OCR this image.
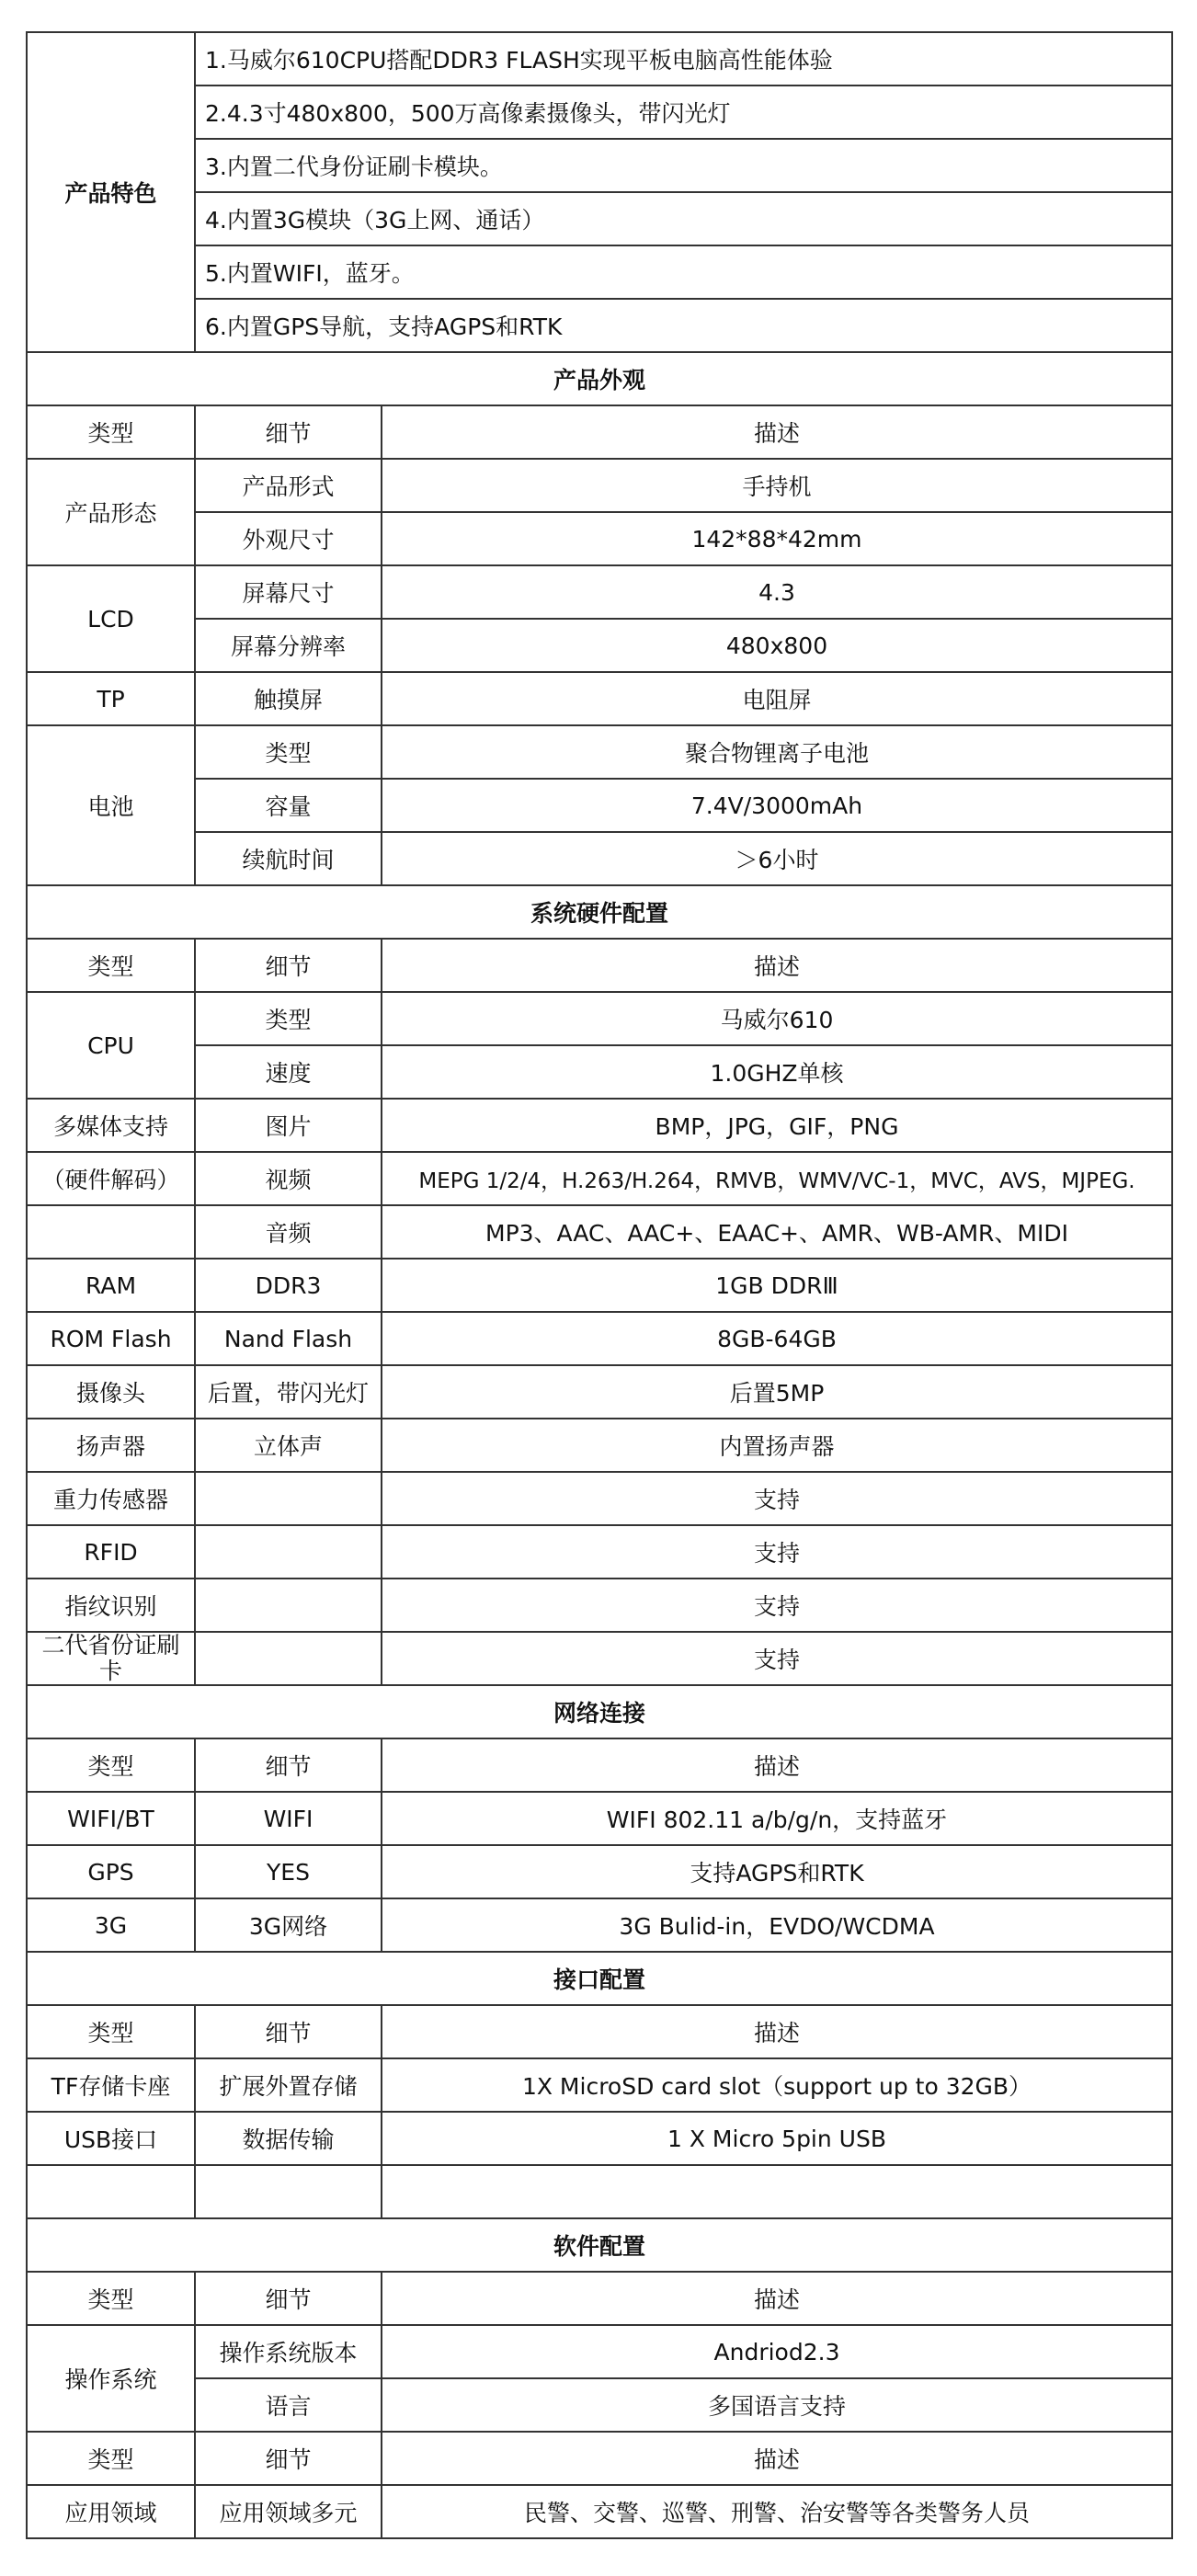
产品特色	1.马威尔610CPU搭配DDR3 FLASH实现平板电脑高性能体验	
	2.4.3寸480x800，500万高像素摄像头，带闪光灯	
	3.内置二代身份证刷卡模块。	
	4.内置3G模块（3G上网、通话）	
	5.内置WIFI，蓝牙。	
	6.内置GPS导航，支持AGPS和RTK	
产品外观		
类型	细节	描述
产品形态	产品形式	手持机
	外观尺寸	142*88*42mm
LCD	屏幕尺寸	4.3
	屏幕分辨率	480x800
TP	触摸屏	电阻屏
电池	类型	聚合物锂离子电池
	容量	7.4V/3000mAh
	续航时间	＞6小时
系统硬件配置		
类型	细节	描述
CPU	类型	马威尔610
	速度	1.0GHZ单核
多媒体支持	图片	BMP，JPG，GIF，PNG
（硬件解码）	视频	MEPG 1/2/4，H.263/H.264，RMVB，WMV/VC-1，MVC，AVS，MJPEG.
	音频	MP3、AAC、AAC+、EAAC+、AMR、WB-AMR、MIDI
RAM	DDR3	1GB DDRⅢ
ROM Flash	Nand Flash	8GB-64GB
摄像头	后置，带闪光灯	后置5MP
扬声器	立体声	内置扬声器
重力传感器		支持
RFID		支持
指纹识别		支持
二代省份证刷卡		支持
网络连接		
类型	细节	描述
WIFI/BT	WIFI	WIFI 802.11 a/b/g/n，支持蓝牙
GPS	YES	支持AGPS和RTK
3G	3G网络	3G Bulid-in，EVDO/WCDMA
接口配置		
类型	细节	描述
TF存储卡座	扩展外置存储	1X MicroSD card slot（support up to 32GB）
USB接口	数据传输	1 X Micro 5pin USB

软件配置		
类型	细节	描述
操作系统	操作系统版本	Andriod2.3
	语言	多国语言支持
类型	细节	描述
应用领域	应用领域多元	民警、交警、巡警、刑警、治安警等各类警务人员
